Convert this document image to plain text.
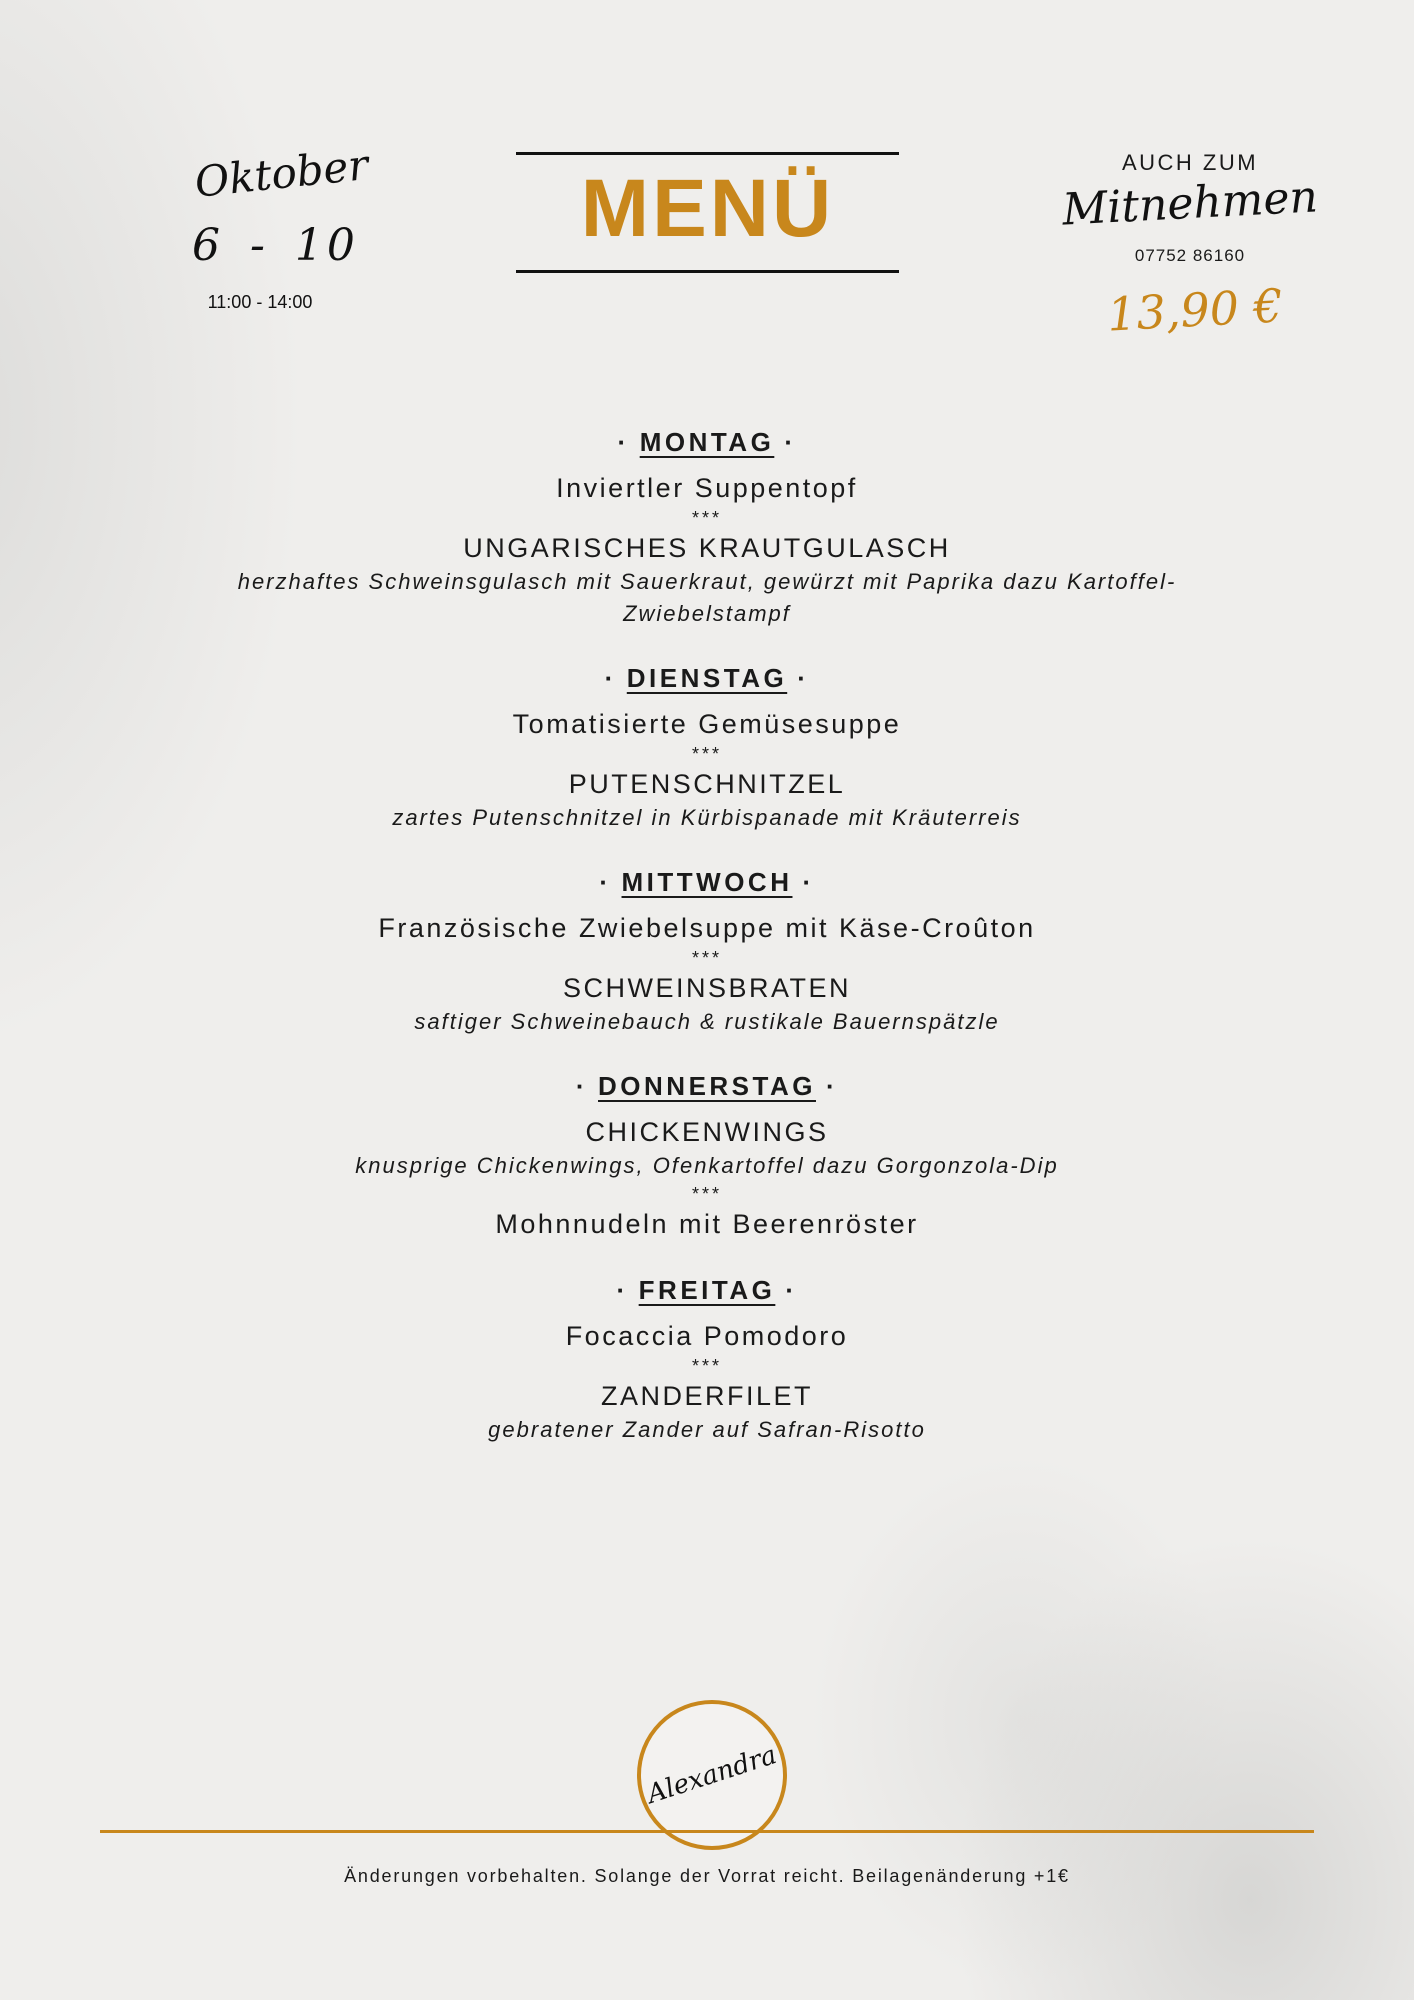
Oktober
6 - 10
11:00 - 14:00
MENÜ
AUCH ZUM
Mitnehmen
07752 86160
13,90 €
· MONTAG ·
Inviertler Suppentopf
***
UNGARISCHES KRAUTGULASCH
herzhaftes Schweinsgulasch mit Sauerkraut, gewürzt mit Paprika dazu Kartoffel-Zwiebelstampf
· DIENSTAG ·
Tomatisierte Gemüsesuppe
***
PUTENSCHNITZEL
zartes Putenschnitzel in Kürbispanade mit Kräuterreis
· MITTWOCH ·
Französische Zwiebelsuppe mit Käse-Croûton
***
SCHWEINSBRATEN
saftiger Schweinebauch & rustikale Bauernspätzle
· DONNERSTAG ·
CHICKENWINGS
knusprige Chickenwings, Ofenkartoffel dazu Gorgonzola-Dip
***
Mohnnudeln mit Beerenröster
· FREITAG ·
Focaccia Pomodoro
***
ZANDERFILET
gebratener Zander auf Safran-Risotto
Alexandra
Änderungen vorbehalten. Solange der Vorrat reicht. Beilagenänderung +1€
